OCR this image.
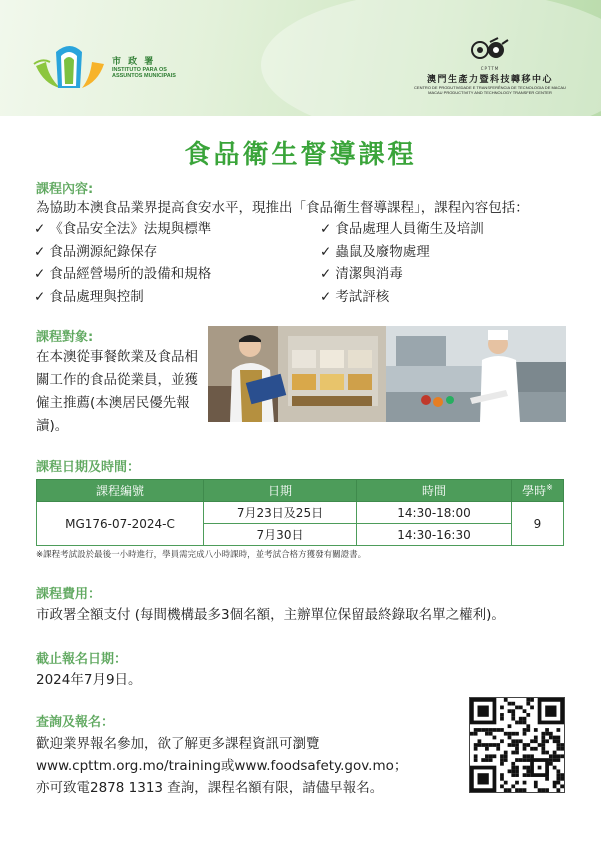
市 政 署
INSTITUTO PARA OS ASSUNTOS MUNICIPAIS
CPTTM
澳門生產力暨科技轉移中心
CENTRO DE PRODUTIVIDADE E TRANSFERÊNCIA DE TECNOLOGIA DE MACAU
MACAU PRODUCTIVITY AND TECHNOLOGY TRANSFER CENTER
食品衛生督導課程
課程內容:
為協助本澳食品業界提高食安水平，現推出「食品衛生督導課程」，課程內容包括：
✓ 《食品安全法》法規與標準
✓ 食品溯源紀錄保存
✓ 食品經營場所的設備和規格
✓ 食品處理與控制
✓ 食品處理人員衛生及培訓
✓ 蟲鼠及廢物處理
✓ 清潔與消毒
✓ 考試評核
課程對象:
在本澳從事餐飲業及食品相關工作的食品從業員，並獲僱主推薦(本澳居民優先報讀)。
課程日期及時間：
課程編號	日期	時間	學時※
MG176-07-2024-C	7月23日及25日	14:30-18:00	9
	7月30日	14:30-16:30	
※課程考試設於最後一小時進行，學員需完成八小時課時，並考試合格方獲發有關證書。
課程費用：
市政署全額支付 (每間機構最多3個名額，主辦單位保留最終錄取名單之權利)。
截止報名日期：
2024年7月9日。
查詢及報名：
歡迎業界報名參加，欲了解更多課程資訊可瀏覽
www.cpttm.org.mo/training或www.foodsafety.gov.mo；
亦可致電2878 1313 查詢，課程名額有限，請儘早報名。
